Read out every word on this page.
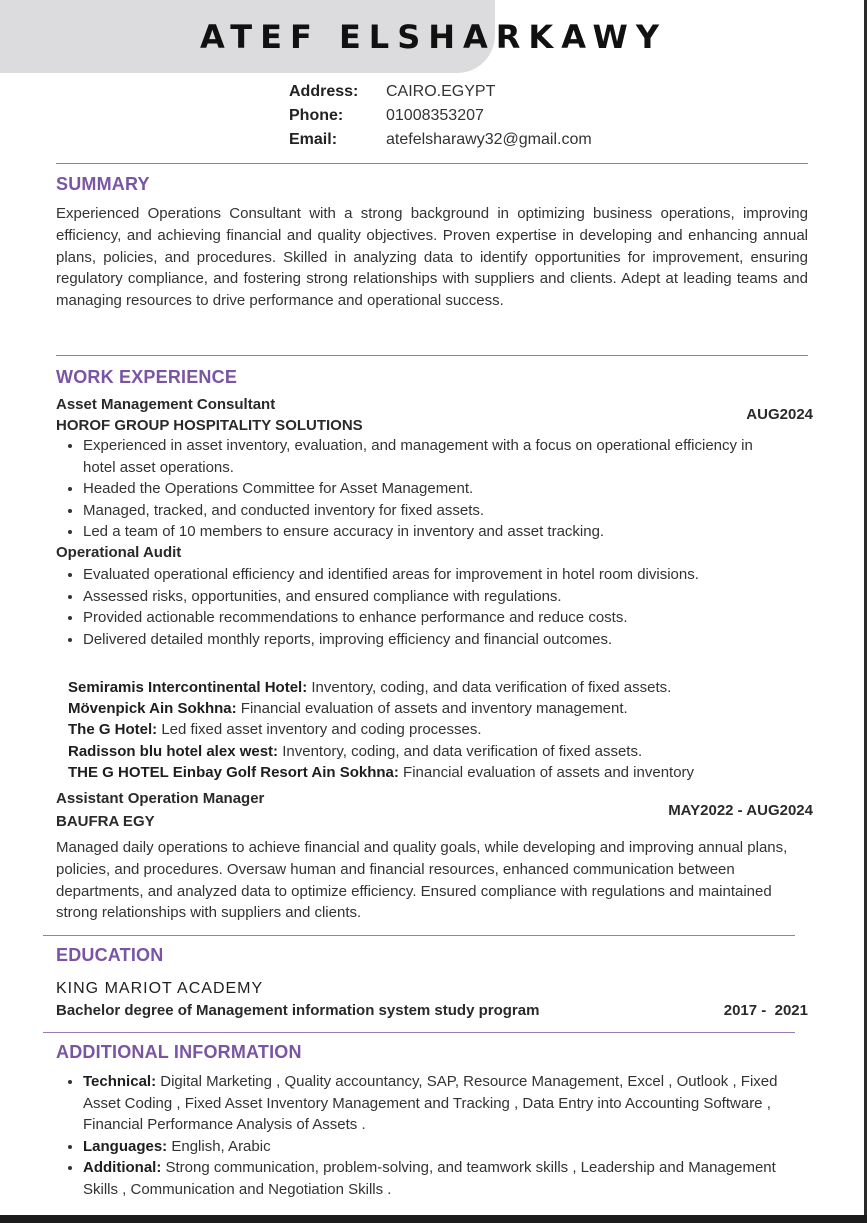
ATEF ELSHARKAWY
Address:	CAIRO.EGYPT
Phone:	01008353207
Email:	atefelsharawy32@gmail.com
SUMMARY

Experienced Operations Consultant with a strong background in optimizing business operations, improving efficiency, and achieving financial and quality objectives. Proven expertise in developing and enhancing annual plans, policies, and procedures. Skilled in analyzing data to identify opportunities for improvement, ensuring regulatory compliance, and fostering strong relationships with suppliers and clients. Adept at leading teams and managing resources to drive performance and operational success.

WORK EXPERIENCE

Asset Management Consultant

HOROF GROUP HOSPITALITY SOLUTIONS

AUG2024

• Experienced in asset inventory, evaluation, and management with a focus on operational efficiency in hotel asset operations.
• Headed the Operations Committee for Asset Management.
• Managed, tracked, and conducted inventory for fixed assets.
• Led a team of 10 members to ensure accuracy in inventory and asset tracking.

Operational Audit

• Evaluated operational efficiency and identified areas for improvement in hotel room divisions.
• Assessed risks, opportunities, and ensured compliance with regulations.
• Provided actionable recommendations to enhance performance and reduce costs.
• Delivered detailed monthly reports, improving efficiency and financial outcomes.
Semiramis Intercontinental Hotel: Inventory, coding, and data verification of fixed assets.
Mövenpick Ain Sokhna: Financial evaluation of assets and inventory management.
The G Hotel: Led fixed asset inventory and coding processes.
Radisson blu hotel alex west: Inventory, coding, and data verification of fixed assets.
THE G HOTEL Einbay Golf Resort Ain Sokhna: Financial evaluation of assets and inventory

Assistant Operation Manager

BAUFRA EGY

MAY2022 - AUG2024

Managed daily operations to achieve financial and quality goals, while developing and improving annual plans, policies, and procedures. Oversaw human and financial resources, enhanced communication between departments, and analyzed data to optimize efficiency. Ensured compliance with regulations and maintained strong relationships with suppliers and clients.

EDUCATION

KING MARIOT ACADEMY

Bachelor degree of Management information system study program	2017 -  2021

ADDITIONAL INFORMATION
• Technical: Digital Marketing , Quality accountancy, SAP, Resource Management, Excel , Outlook , Fixed Asset Coding , Fixed Asset Inventory Management and Tracking , Data Entry into Accounting Software , Financial Performance Analysis of Assets .
• Languages: English, Arabic
• Additional: Strong communication, problem-solving, and teamwork skills , Leadership and Management Skills , Communication and Negotiation Skills .
